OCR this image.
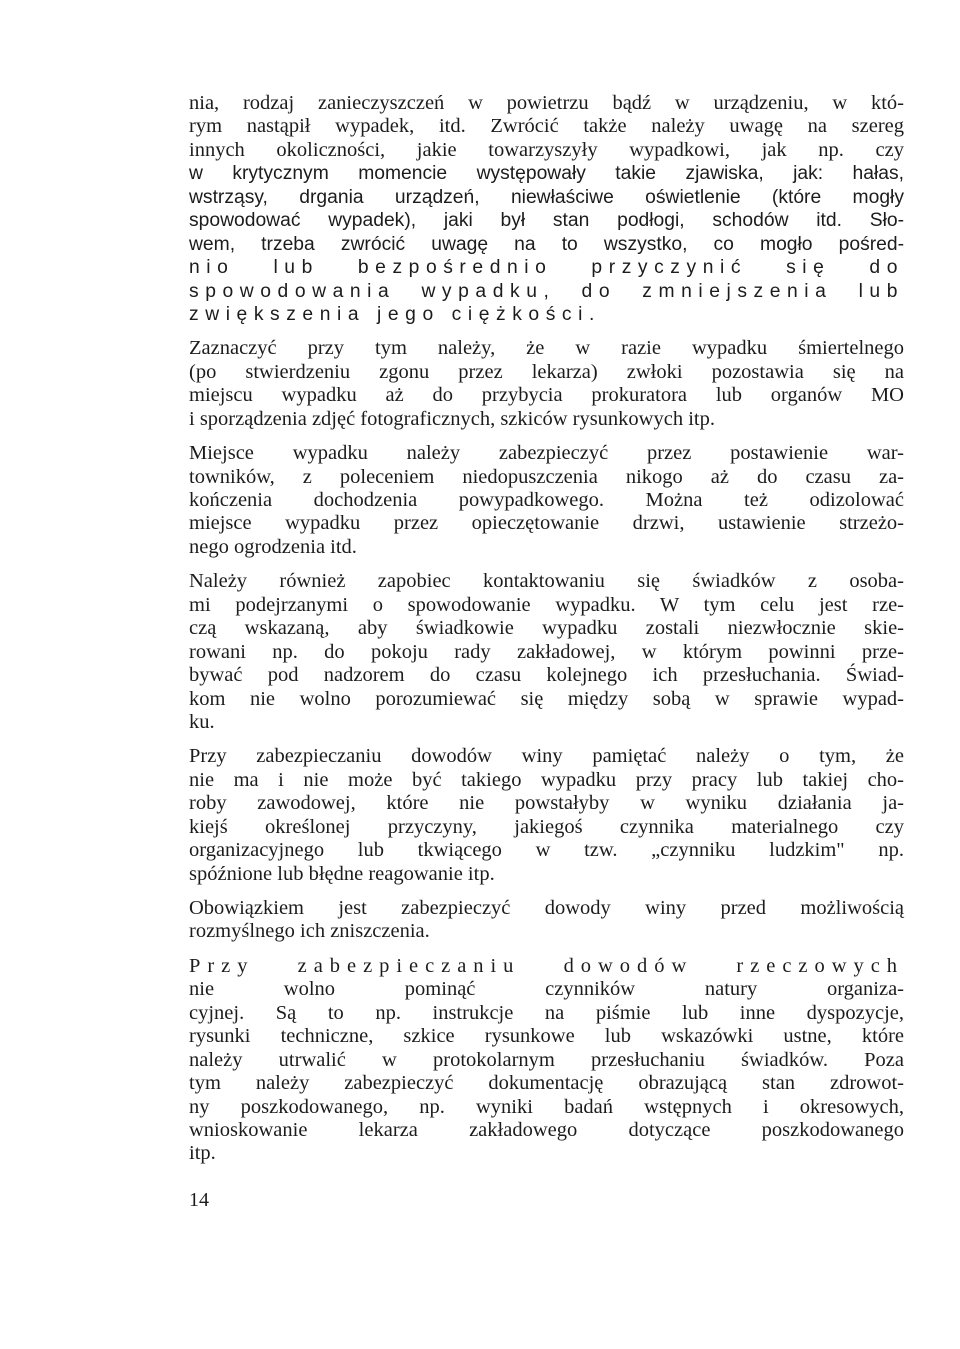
nia, rodzaj zanieczyszczeń w powietrzu bądź w urządzeniu, w któ-
rym nastąpił wypadek, itd. Zwrócić także należy uwagę na szereg
innych okoliczności, jakie towarzyszyły wypadkowi, jak np. czy
w krytycznym momencie występowały takie zjawiska, jak: hałas,
wstrząsy, drgania urządzeń, niewłaściwe oświetlenie (które mogły
spowodować wypadek), jaki był stan podłogi, schodów itd. Sło-
wem, trzeba zwrócić uwagę na to wszystko, co mogło pośred-
nio lub bezpośrednio przyczynić się do
spowodowania wypadku, do zmniejszenia lub
zwiększenia jego ciężkości.
Zaznaczyć przy tym należy, że w razie wypadku śmiertelnego
(po stwierdzeniu zgonu przez lekarza) zwłoki pozostawia się na
miejscu wypadku aż do przybycia prokuratora lub organów MO
i sporządzenia zdjęć fotograficznych, szkiców rysunkowych itp.
Miejsce wypadku należy zabezpieczyć przez postawienie war-
towników, z poleceniem niedopuszczenia nikogo aż do czasu za-
kończenia dochodzenia powypadkowego. Można też odizolować
miejsce wypadku przez opieczętowanie drzwi, ustawienie strzeżo-
nego ogrodzenia itd.
Należy również zapobiec kontaktowaniu się świadków z osoba-
mi podejrzanymi o spowodowanie wypadku. W tym celu jest rze-
czą wskazaną, aby świadkowie wypadku zostali niezwłocznie skie-
rowani np. do pokoju rady zakładowej, w którym powinni prze-
bywać pod nadzorem do czasu kolejnego ich przesłuchania. Świad-
kom nie wolno porozumiewać się między sobą w sprawie wypad-
ku.
Przy zabezpieczaniu dowodów winy pamiętać należy o tym, że
nie ma i nie może być takiego wypadku przy pracy lub takiej cho-
roby zawodowej, które nie powstałyby w wyniku działania ja-
kiejś określonej przyczyny, jakiegoś czynnika materialnego czy
organizacyjnego lub tkwiącego w tzw. „czynniku ludzkim" np.
spóźnione lub błędne reagowanie itp.
Obowiązkiem jest zabezpieczyć dowody winy przed możliwością
rozmyślnego ich zniszczenia.
Przy zabezpieczaniu dowodów rzeczowych
nie wolno pominąć czynników natury organiza-
cyjnej. Są to np. instrukcje na piśmie lub inne dyspozycje,
rysunki techniczne, szkice rysunkowe lub wskazówki ustne, które
należy utrwalić w protokolarnym przesłuchaniu świadków. Poza
tym należy zabezpieczyć dokumentację obrazującą stan zdrowot-
ny poszkodowanego, np. wyniki badań wstępnych i okresowych,
wnioskowanie lekarza zakładowego dotyczące poszkodowanego
itp.
14
